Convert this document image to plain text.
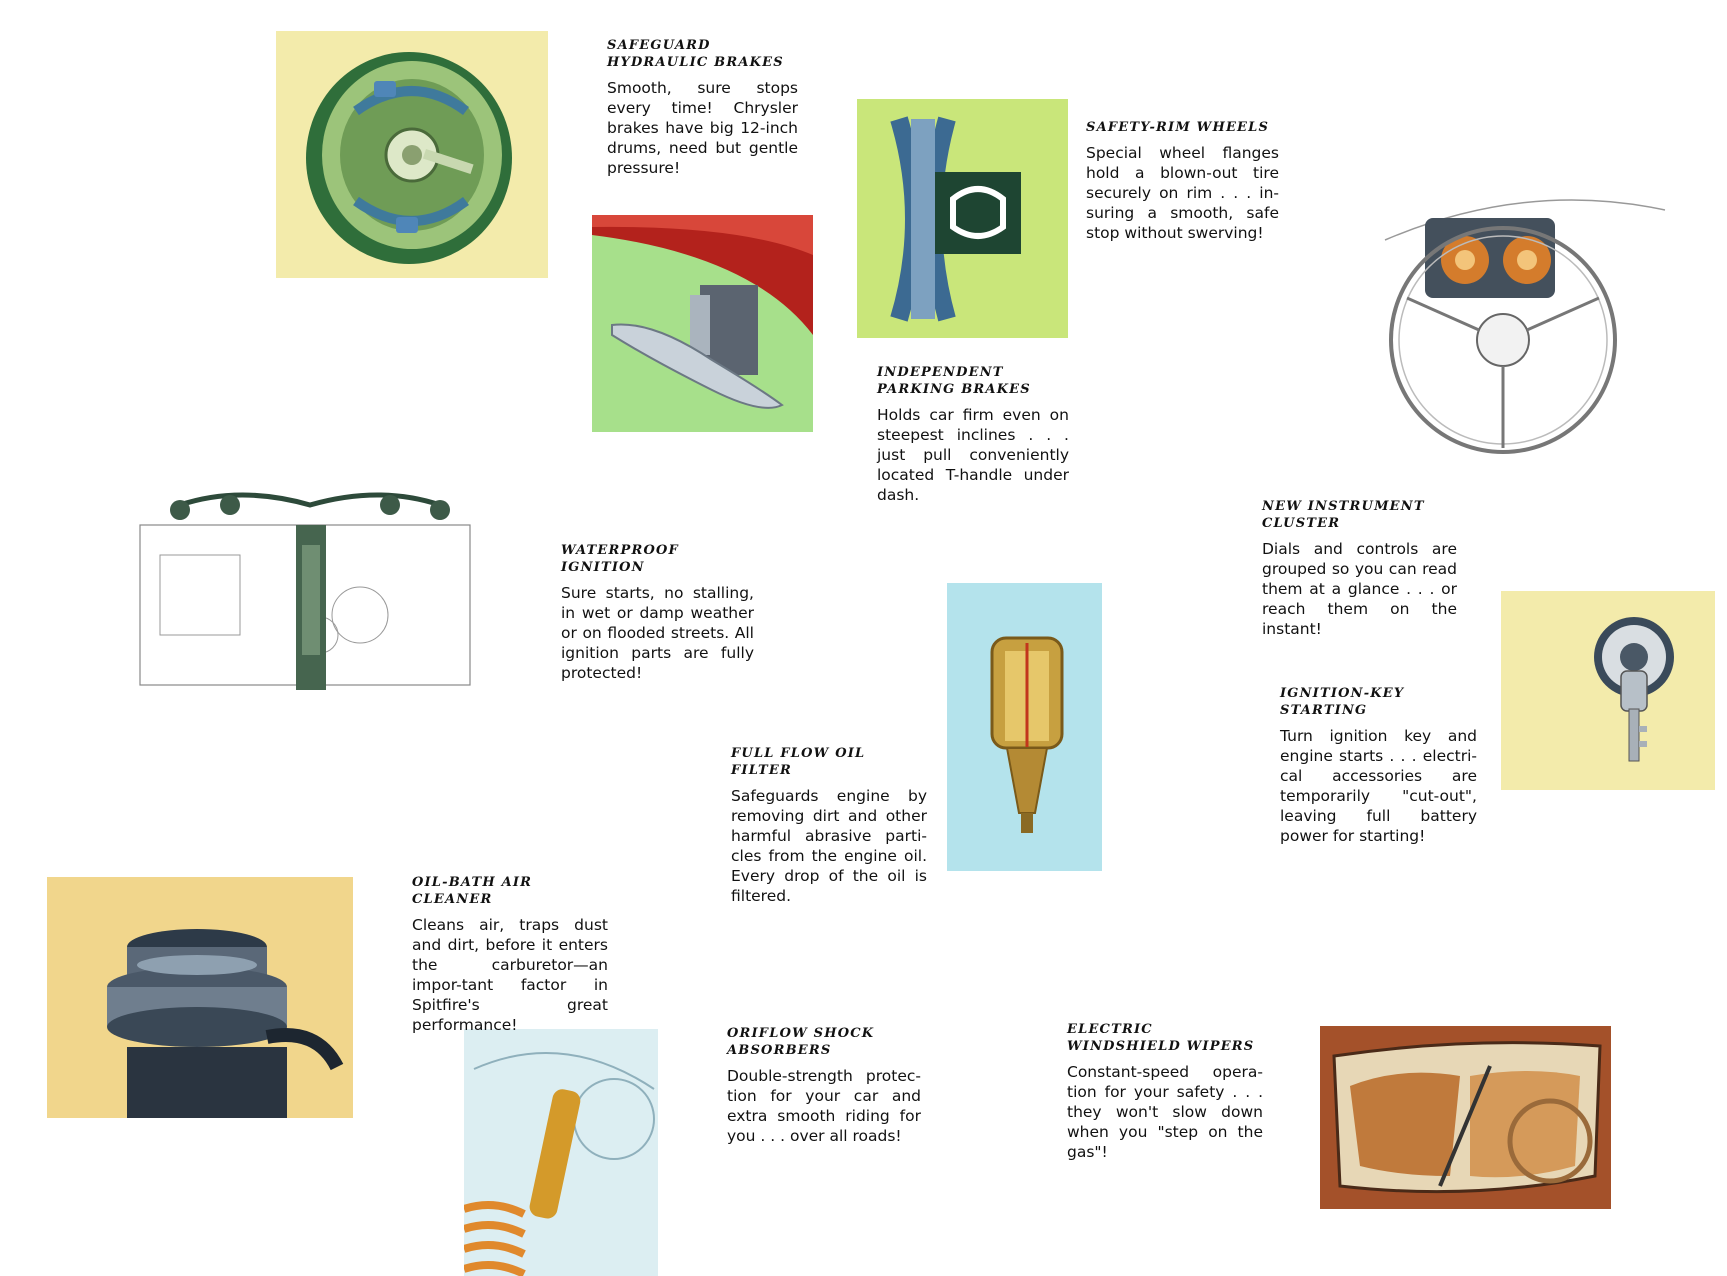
SAFEGUARD
HYDRAULIC BRAKES

Smooth, sure stops every time! Chrysler brakes have big 12-inch drums, need but gentle pressure!

SAFETY-RIM WHEELS

Special wheel flanges hold a blown-out tire securely on rim . . . in-suring a smooth, safe stop without swerving!

INDEPENDENT
PARKING BRAKES

Holds car firm even on steepest inclines . . . just pull conveniently located T-handle under dash.

NEW INSTRUMENT
CLUSTER

Dials and controls are grouped so you can read them at a glance . . . or reach them on the instant!

WATERPROOF
IGNITION

Sure starts, no stalling, in wet or damp weather or on flooded streets. All ignition parts are fully protected!

IGNITION-KEY
STARTING

Turn ignition key and engine starts . . . electri-cal accessories are temporarily "cut-out", leaving full battery power for starting!

FULL FLOW OIL FILTER

Safeguards engine by removing dirt and other harmful abrasive parti-cles from the engine oil. Every drop of the oil is filtered.

OIL-BATH AIR
CLEANER

Cleans air, traps dust and dirt, before it enters the carburetor—an impor-tant factor in Spitfire's great performance!	ORIFLOW SHOCK
ABSORBERS

Double-strength protec-tion for your car and extra smooth riding for you . . . over all roads!

ELECTRIC
WINDSHIELD WIPERS

Constant-speed opera-tion for your safety . . . they won't slow down when you "step on the gas"!
